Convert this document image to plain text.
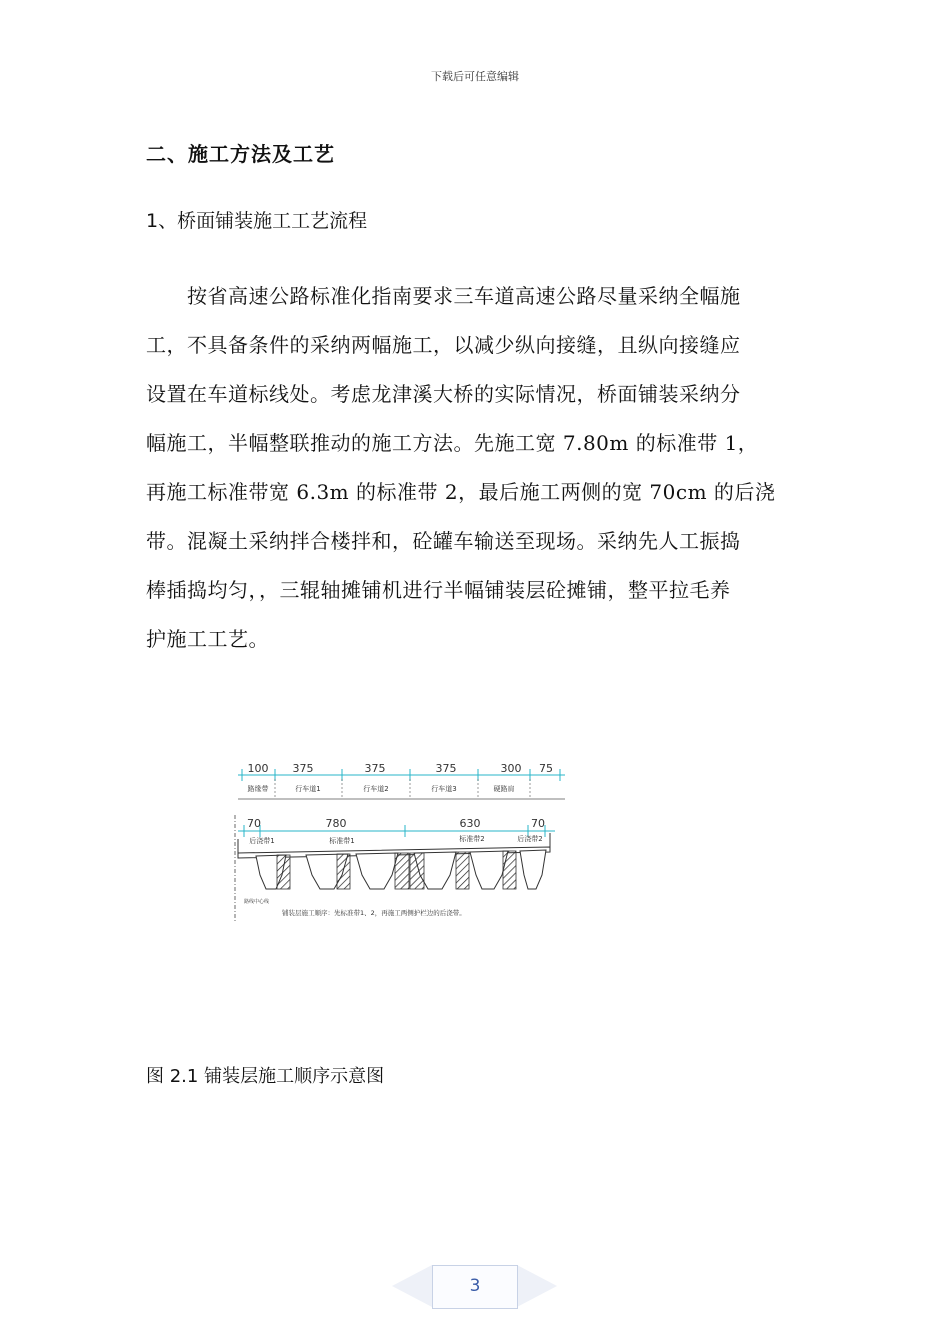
下载后可任意编辑
二、施工方法及工艺
1、桥面铺装施工工艺流程

按省高速公路标准化指南要求三车道高速公路尽量采纳全幅施

工，不具备条件的采纳两幅施工，以减少纵向接缝，且纵向接缝应

设置在车道标线处。考虑龙津溪大桥的实际情况，桥面铺装采纳分

幅施工，半幅整联推动的施工方法。先施工宽 7.80m 的标准带 1，

再施工标准带宽 6.3m 的标准带 2，最后施工两侧的宽 70cm 的后浇

带。混凝土采纳拌合楼拌和，砼罐车输送至现场。采纳先人工振捣

棒插捣均匀，，三辊轴摊铺机进行半幅铺装层砼摊铺，整平拉毛养

护施工工艺。

100 375	375	375	300 75
路缘带	行车道1	行车道2	行车道3	硬路肩
70	780	630	70
后浇带1	标准带1	标准带2	后浇带2
路线中心线
铺装层施工顺序：先标准带1、2，再施工两侧护栏边的后浇带。
图 2.1 铺装层施工顺序示意图
3
